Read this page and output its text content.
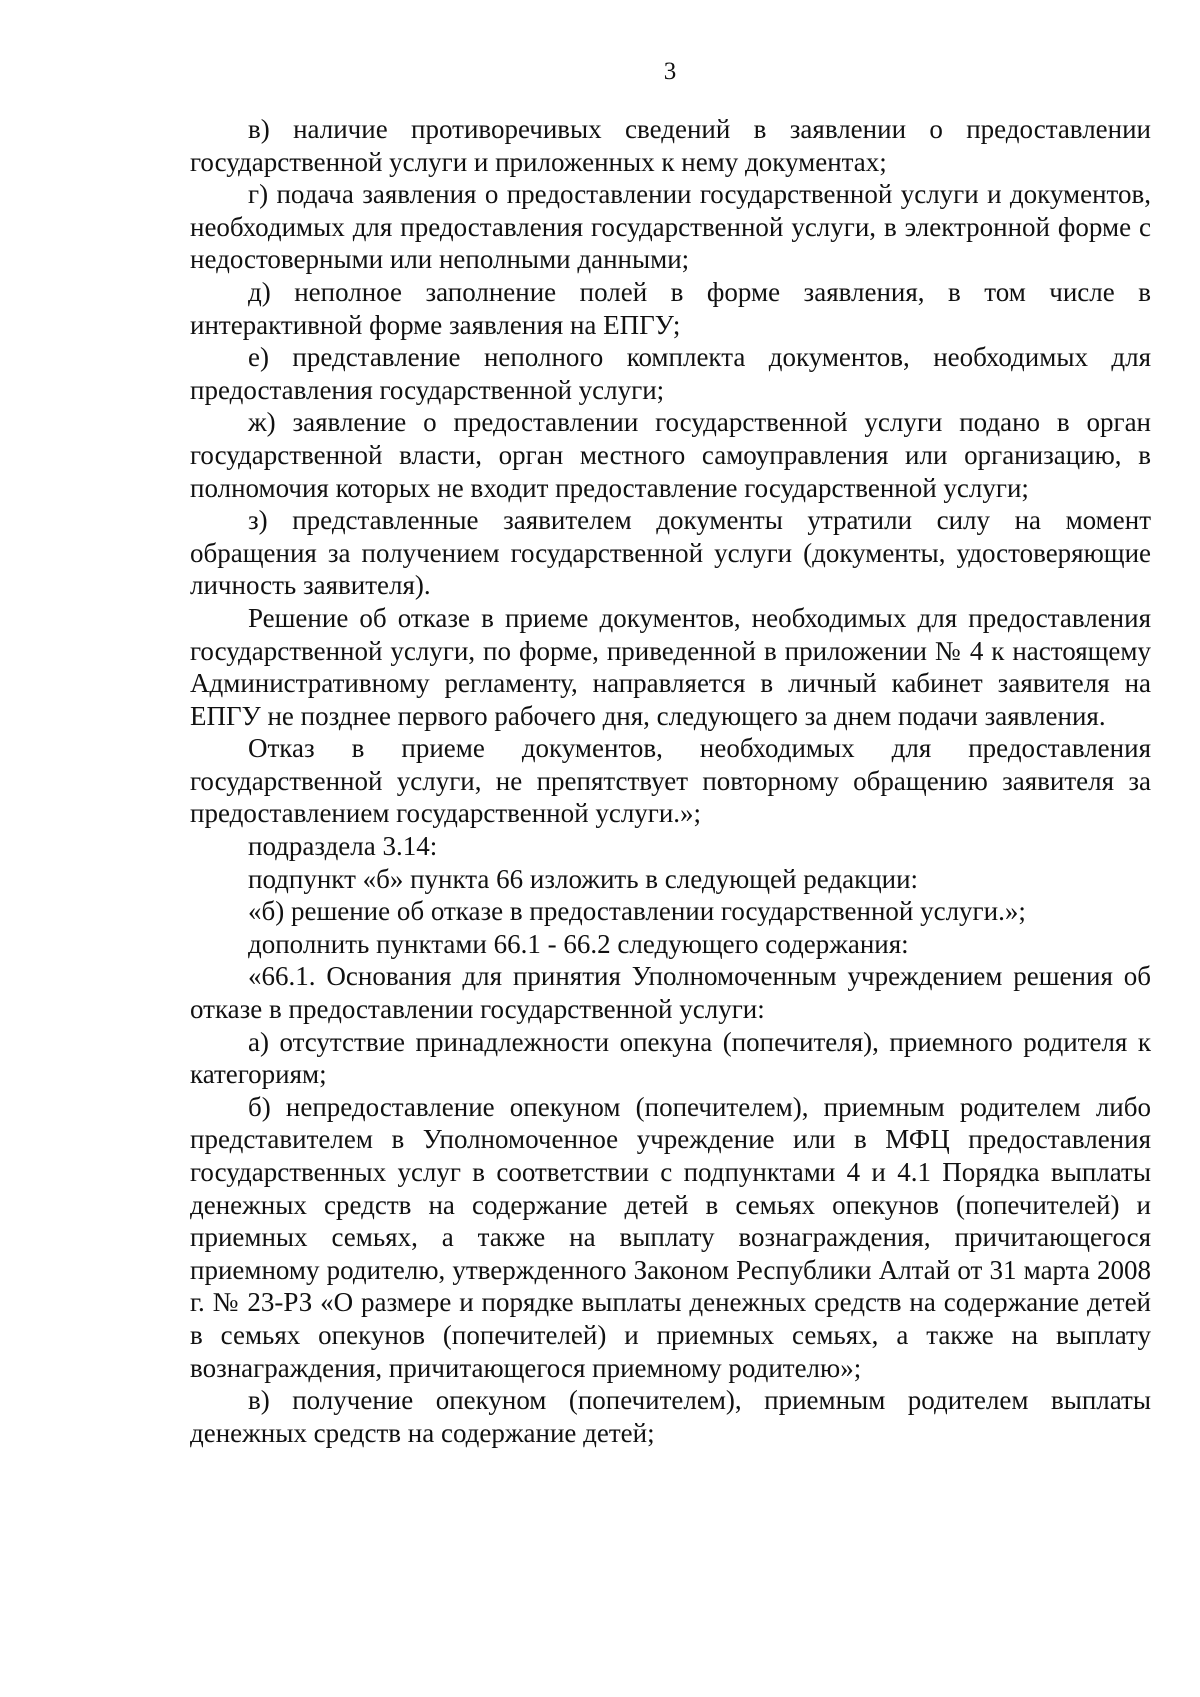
3

в) наличие противоречивых сведений в заявлении о предоставлении государственной услуги и приложенных к нему документах;

г) подача заявления о предоставлении государственной услуги и документов, необходимых для предоставления государственной услуги, в электронной форме с недостоверными или неполными данными;

д) неполное заполнение полей в форме заявления, в том числе в интерактивной форме заявления на ЕПГУ;

е) представление неполного комплекта документов, необходимых для предоставления государственной услуги;

ж) заявление о предоставлении государственной услуги подано в орган государственной власти, орган местного самоуправления или организацию, в полномочия которых не входит предоставление государственной услуги;

з) представленные заявителем документы утратили силу на момент обращения за получением государственной услуги (документы, удостоверяющие личность заявителя).

Решение об отказе в приеме документов, необходимых для предоставления государственной услуги, по форме, приведенной в приложении № 4 к настоящему Административному регламенту, направляется в личный кабинет заявителя на ЕПГУ не позднее первого рабочего дня, следующего за днем подачи заявления.

Отказ в приеме документов, необходимых для предоставления государственной услуги, не препятствует повторному обращению заявителя за предоставлением государственной услуги.»;

подраздела 3.14:

подпункт «б» пункта 66 изложить в следующей редакции:

«б) решение об отказе в предоставлении государственной услуги.»;

дополнить пунктами 66.1 - 66.2 следующего содержания:

«66.1. Основания для принятия Уполномоченным учреждением решения об отказе в предоставлении государственной услуги:

а) отсутствие принадлежности опекуна (попечителя), приемного родителя к категориям;

б) непредоставление опекуном (попечителем), приемным родителем либо представителем в Уполномоченное учреждение или в МФЦ предоставления государственных услуг в соответствии с подпунктами 4 и 4.1 Порядка выплаты денежных средств на содержание детей в семьях опекунов (попечителей) и приемных семьях, а также на выплату вознаграждения, причитающегося приемному родителю, утвержденного Законом Республики Алтай от 31 марта 2008 г. № 23-РЗ «О размере и порядке выплаты денежных средств на содержание детей в семьях опекунов (попечителей) и приемных семьях, а также на выплату вознаграждения, причитающегося приемному родителю»;

в) получение опекуном (попечителем), приемным родителем выплаты денежных средств на содержание детей;
